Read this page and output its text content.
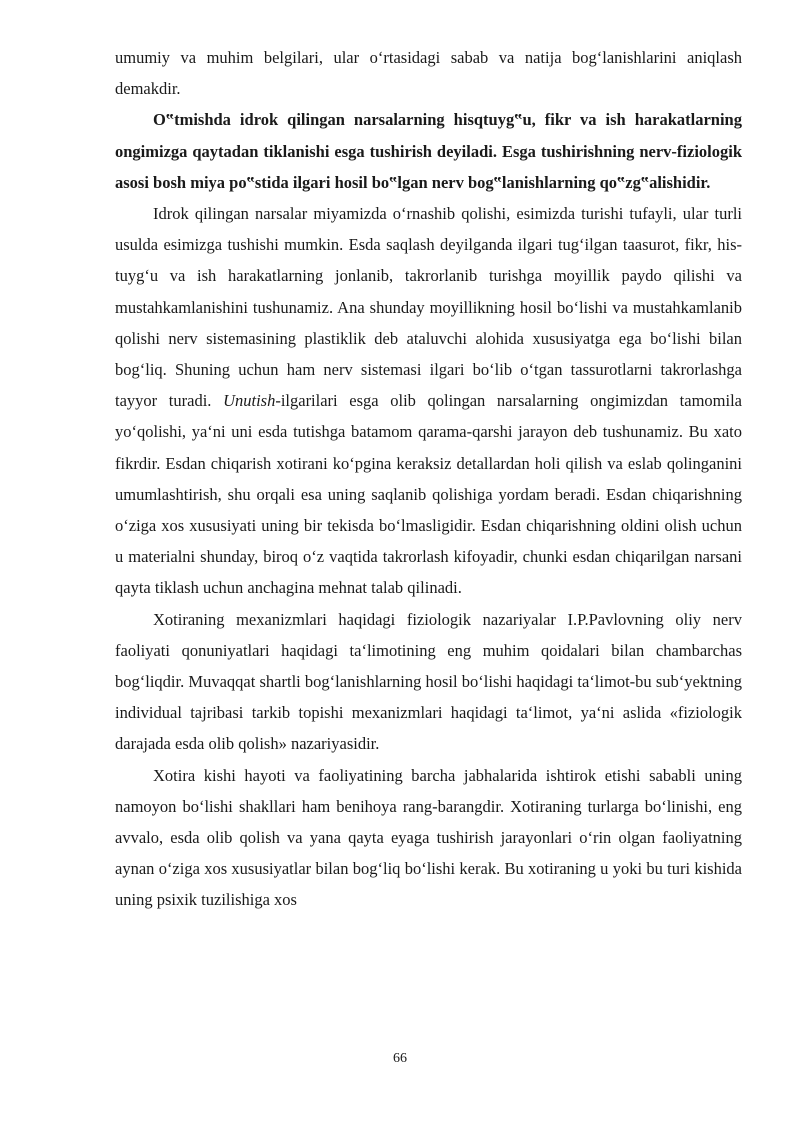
umumiy va muhim belgilari, ular o‘rtasidagi sabab va natija bog‘lanishlarini aniqlash demakdir.

O‟tmishda idrok qilingan narsalarning hisqtuyg‟u, fikr va ish harakatlarning ongimizga qaytadan tiklanishi esga tushirish deyiladi. Esga tushirishning nerv-fiziologik asosi bosh miya po‟stida ilgari hosil bo‟lgan nerv bog‟lanishlarning qo‟zg‟alishidir.

Idrok qilingan narsalar miyamizda o‘rnashib qolishi, esimizda turishi tufayli, ular turli usulda esimizga tushishi mumkin. Esda saqlash deyilganda ilgari tug‘ilgan taasurot, fikr, his-tuyg‘u va ish harakatlarning jonlanib, takrorlanib turishga moyillik paydo qilishi va mustahkamlanishini tushunamiz. Ana shunday moyillikning hosil bo‘lishi va mustahkamlanib qolishi nerv sistemasining plastiklik deb ataluvchi alohida xususiyatga ega bo‘lishi bilan bog‘liq. Shuning uchun ham nerv sistemasi ilgari bo‘lib o‘tgan tassurotlarni takrorlashga tayyor turadi. Unutish-ilgarilari esga olib qolingan narsalarning ongimizdan tamomila yo‘qolishi, ya‘ni uni esda tutishga batamom qarama-qarshi jarayon deb tushunamiz. Bu xato fikrdir. Esdan chiqarish xotirani ko‘pgina keraksiz detallardan holi qilish va eslab qolinganini umumlashtirish, shu orqali esa uning saqlanib qolishiga yordam beradi. Esdan chiqarishning o‘ziga xos xususiyati uning bir tekisda bo‘lmasligidir. Esdan chiqarishning oldini olish uchun u materialni shunday, biroq o‘z vaqtida takrorlash kifoyadir, chunki esdan chiqarilgan narsani qayta tiklash uchun anchagina mehnat talab qilinadi.

Xotiraning mexanizmlari haqidagi fiziologik nazariyalar I.P.Pavlovning oliy nerv faoliyati qonuniyatlari haqidagi ta‘limotining eng muhim qoidalari bilan chambarchas bog‘liqdir. Muvaqqat shartli bog‘lanishlarning hosil bo‘lishi haqidagi ta‘limot-bu sub‘yektning individual tajribasi tarkib topishi mexanizmlari haqidagi ta‘limot, ya‘ni aslida «fiziologik darajada esda olib qolish» nazariyasidir.

Xotira kishi hayoti va faoliyatining barcha jabhalarida ishtirok etishi sababli uning namoyon bo‘lishi shakllari ham benihoya rang-barangdir. Xotiraning turlarga bo‘linishi, eng avvalo, esda olib qolish va yana qayta eyaga tushirish jarayonlari o‘rin olgan faoliyatning aynan o‘ziga xos xususiyatlar bilan bog‘liq bo‘lishi kerak. Bu xotiraning u yoki bu turi kishida uning psixik tuzilishiga xos

66
